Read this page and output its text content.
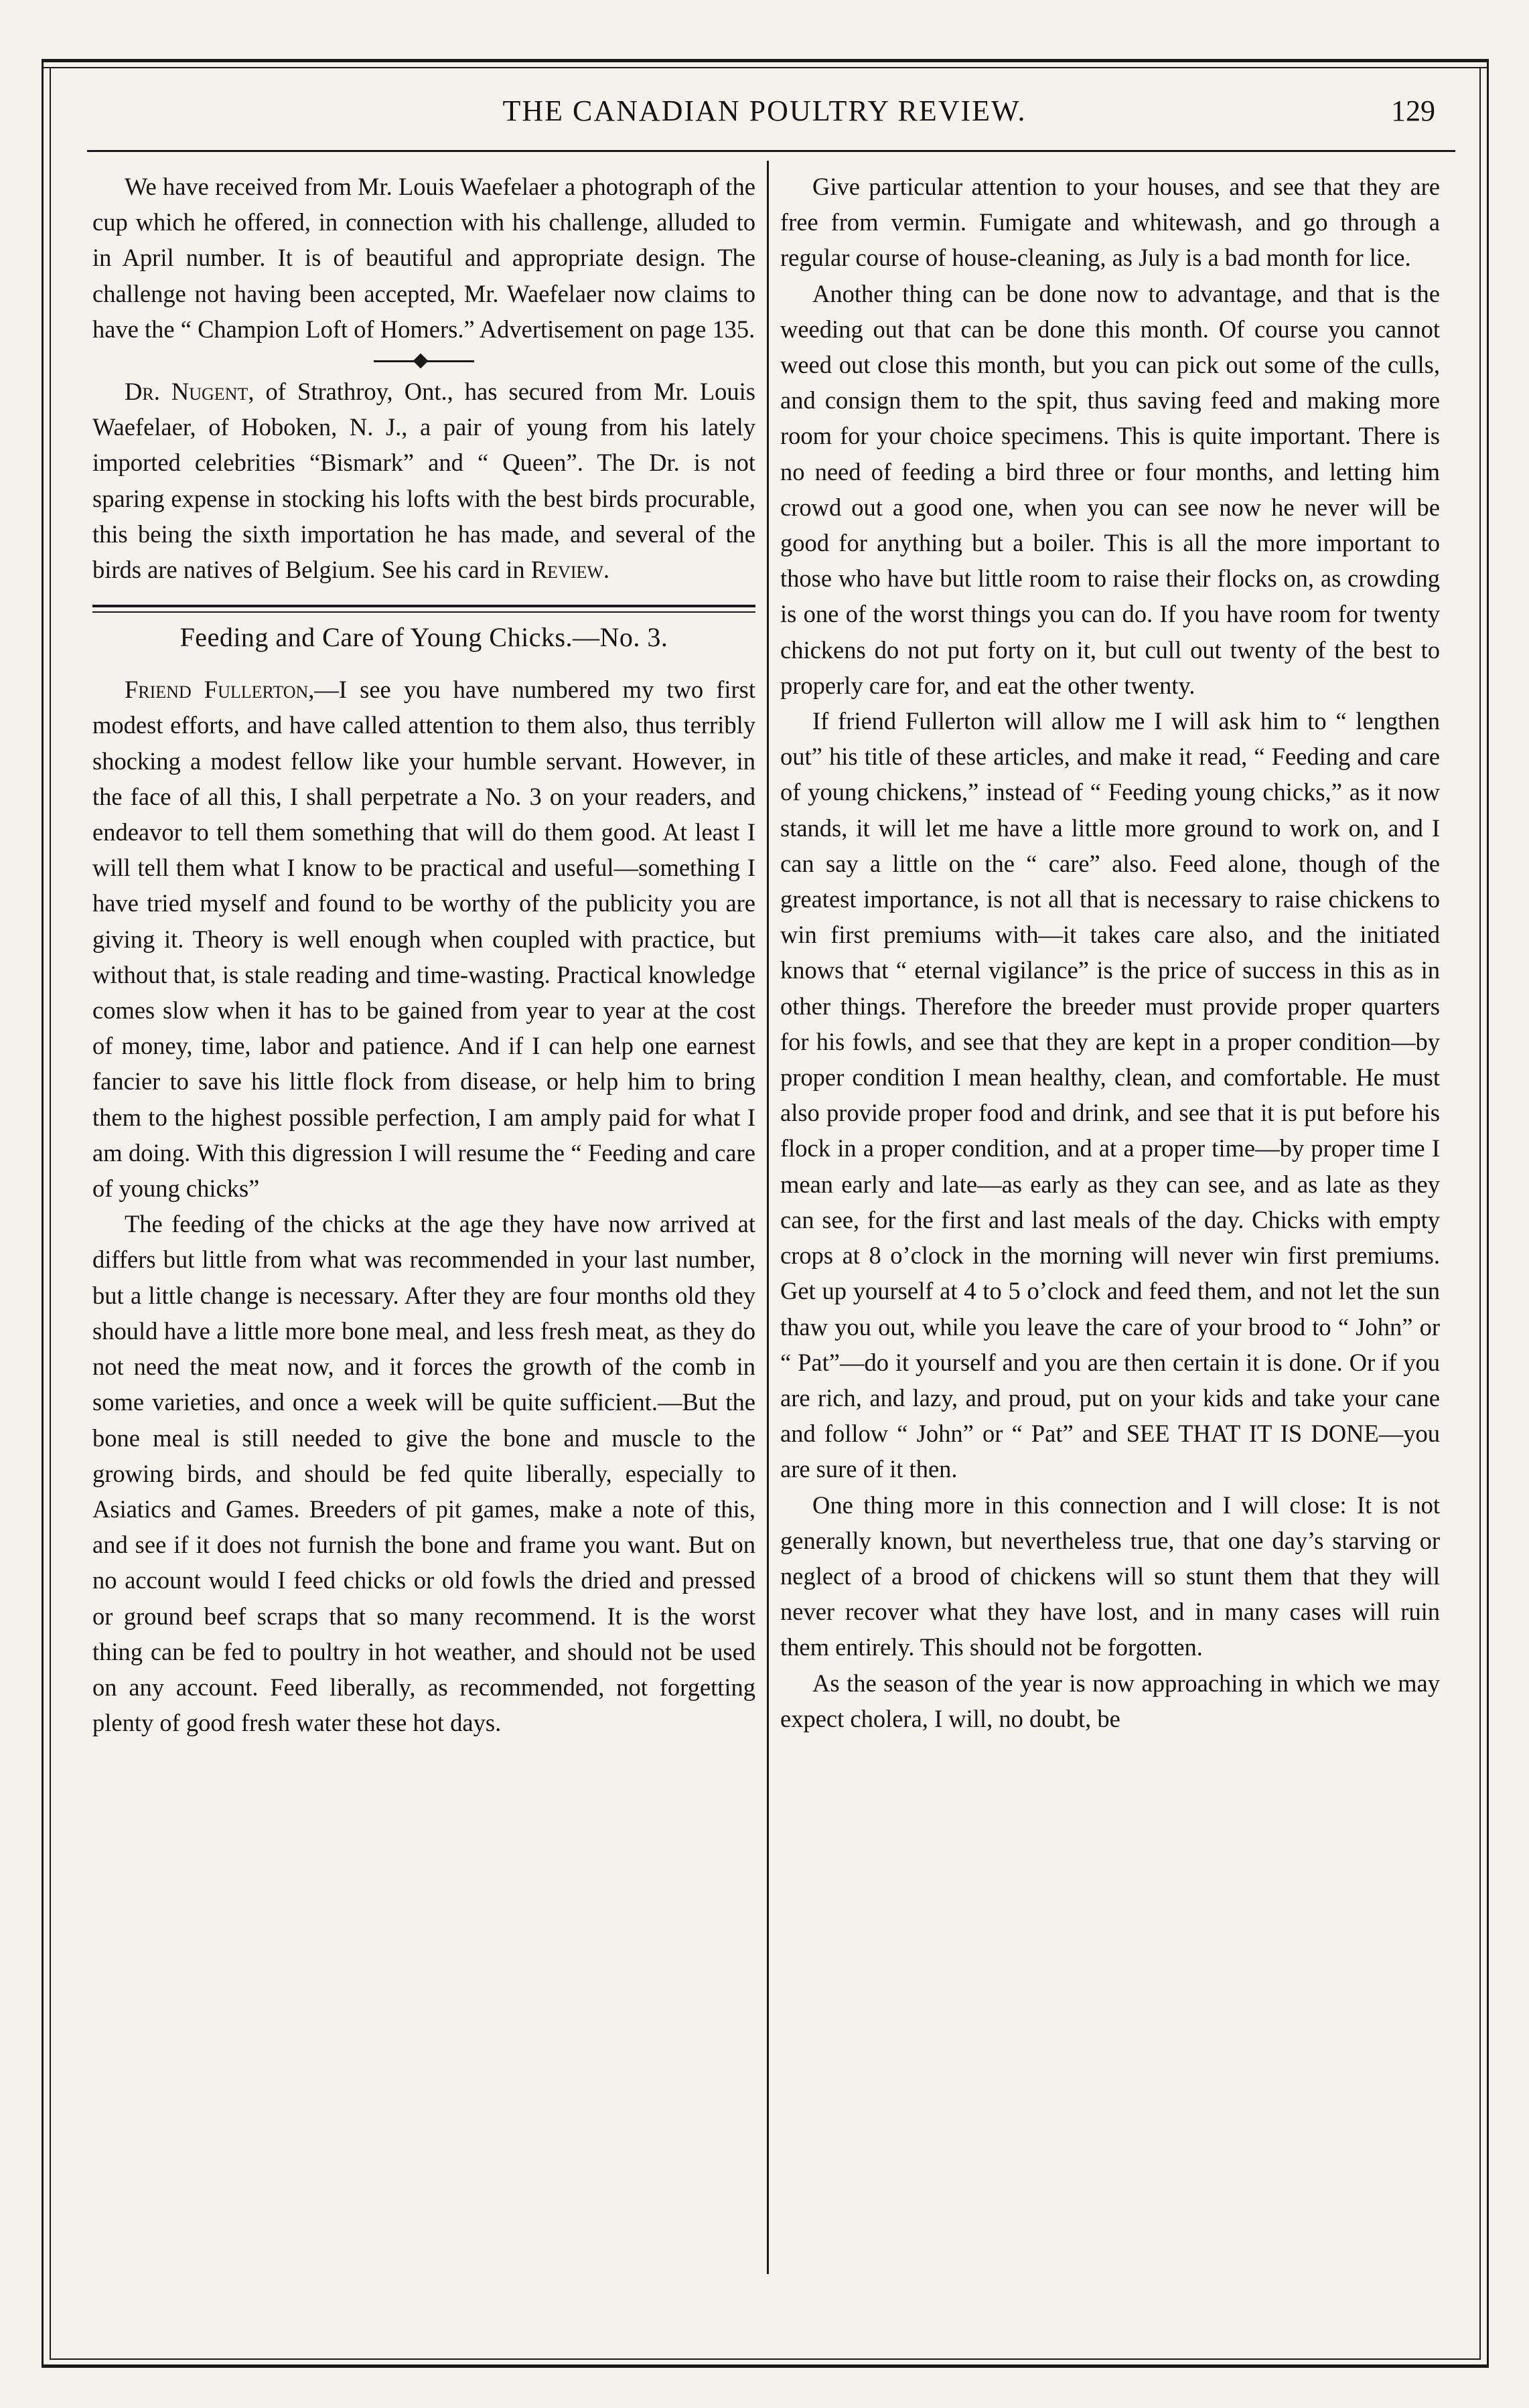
THE CANADIAN POULTRY REVIEW.	129

We have received from Mr. Louis Waefelaer a photograph of the cup which he offered, in connection with his challenge, alluded to in April number. It is of beautiful and appropriate design. The challenge not having been accepted, Mr. Waefelaer now claims to have the “ Champion Loft of Homers.” Advertisement on page 135.

Dr. Nugent, of Strathroy, Ont., has secured from Mr. Louis Waefelaer, of Hoboken, N. J., a pair of young from his lately imported celebrities “Bismark” and “ Queen”. The Dr. is not sparing expense in stocking his lofts with the best birds procurable, this being the sixth importation he has made, and several of the birds are natives of Belgium. See his card in Review.

Feeding and Care of Young Chicks.—No. 3.

Friend Fullerton,—I see you have numbered my two first modest efforts, and have called attention to them also, thus terribly shocking a modest fellow like your humble servant. However, in the face of all this, I shall perpetrate a No. 3 on your readers, and endeavor to tell them something that will do them good. At least I will tell them what I know to be practical and useful—something I have tried myself and found to be worthy of the publicity you are giving it. Theory is well enough when coupled with practice, but without that, is stale reading and time-wasting. Practical knowledge comes slow when it has to be gained from year to year at the cost of money, time, labor and patience. And if I can help one earnest fancier to save his little flock from disease, or help him to bring them to the highest possible perfection, I am amply paid for what I am doing. With this digression I will resume the “ Feeding and care of young chicks”

The feeding of the chicks at the age they have now arrived at differs but little from what was recommended in your last number, but a little change is necessary. After they are four months old they should have a little more bone meal, and less fresh meat, as they do not need the meat now, and it forces the growth of the comb in some varieties, and once a week will be quite sufficient.—But the bone meal is still needed to give the bone and muscle to the growing birds, and should be fed quite liberally, especially to Asiatics and Games. Breeders of pit games, make a note of this, and see if it does not furnish the bone and frame you want. But on no account would I feed chicks or old fowls the dried and pressed or ground beef scraps that so many recommend. It is the worst thing can be fed to poultry in hot weather, and should not be used on any account. Feed liberally, as recommended, not forgetting plenty of good fresh water these hot days.

Give particular attention to your houses, and see that they are free from vermin. Fumigate and whitewash, and go through a regular course of house-cleaning, as July is a bad month for lice.

Another thing can be done now to advantage, and that is the weeding out that can be done this month. Of course you cannot weed out close this month, but you can pick out some of the culls, and consign them to the spit, thus saving feed and making more room for your choice specimens. This is quite important. There is no need of feeding a bird three or four months, and letting him crowd out a good one, when you can see now he never will be good for anything but a boiler. This is all the more important to those who have but little room to raise their flocks on, as crowding is one of the worst things you can do. If you have room for twenty chickens do not put forty on it, but cull out twenty of the best to properly care for, and eat the other twenty.

If friend Fullerton will allow me I will ask him to “ lengthen out” his title of these articles, and make it read, “ Feeding and care of young chickens,” instead of “ Feeding young chicks,” as it now stands, it will let me have a little more ground to work on, and I can say a little on the “ care” also. Feed alone, though of the greatest importance, is not all that is necessary to raise chickens to win first premiums with—it takes care also, and the initiated knows that “ eternal vigilance” is the price of success in this as in other things. Therefore the breeder must provide proper quarters for his fowls, and see that they are kept in a proper condition—by proper condition I mean healthy, clean, and comfortable. He must also provide proper food and drink, and see that it is put before his flock in a proper condition, and at a proper time—by proper time I mean early and late—as early as they can see, and as late as they can see, for the first and last meals of the day. Chicks with empty crops at 8 o’clock in the morning will never win first premiums. Get up yourself at 4 to 5 o’clock and feed them, and not let the sun thaw you out, while you leave the care of your brood to “ John” or “ Pat”—do it yourself and you are then certain it is done. Or if you are rich, and lazy, and proud, put on your kids and take your cane and follow “ John” or “ Pat” and SEE THAT IT IS DONE—you are sure of it then.

One thing more in this connection and I will close: It is not generally known, but nevertheless true, that one day’s starving or neglect of a brood of chickens will so stunt them that they will never recover what they have lost, and in many cases will ruin them entirely. This should not be forgotten.

As the season of the year is now approaching in which we may expect cholera, I will, no doubt, be
